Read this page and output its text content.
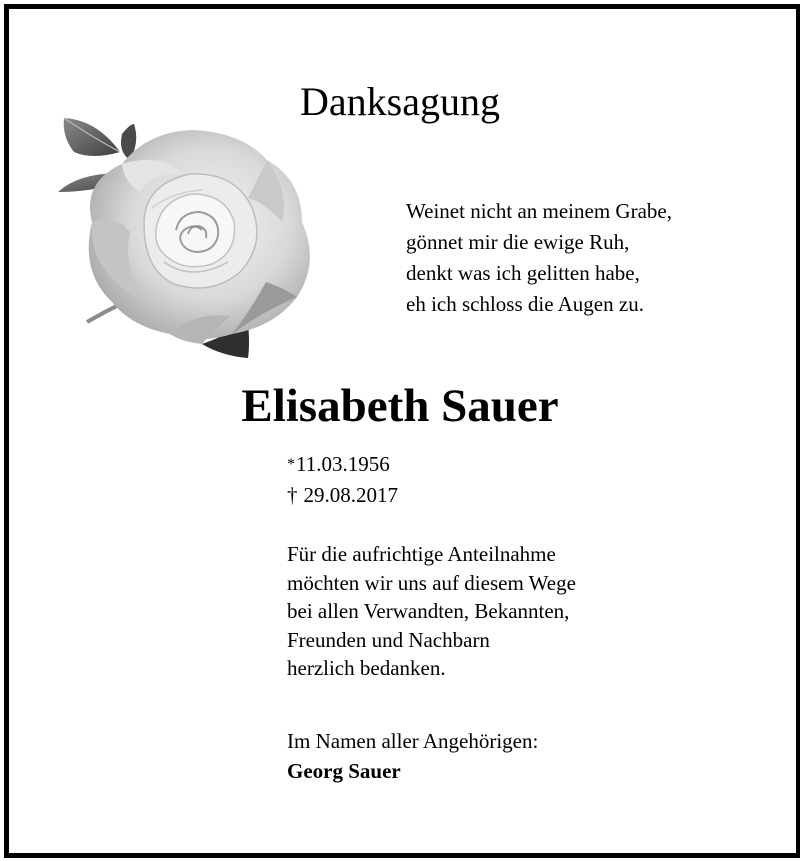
Danksagung
Weinet nicht an meinem Grabe,
gönnet mir die ewige Ruh,
denkt was ich gelitten habe,
eh ich schloss die Augen zu.
Elisabeth Sauer
*11.03.1956
† 29.08.2017
Für die aufrichtige Anteilnahme
möchten wir uns auf diesem Wege
bei allen Verwandten, Bekannten,
Freunden und Nachbarn
herzlich bedanken.
Im Namen aller Angehörigen:
Georg Sauer
